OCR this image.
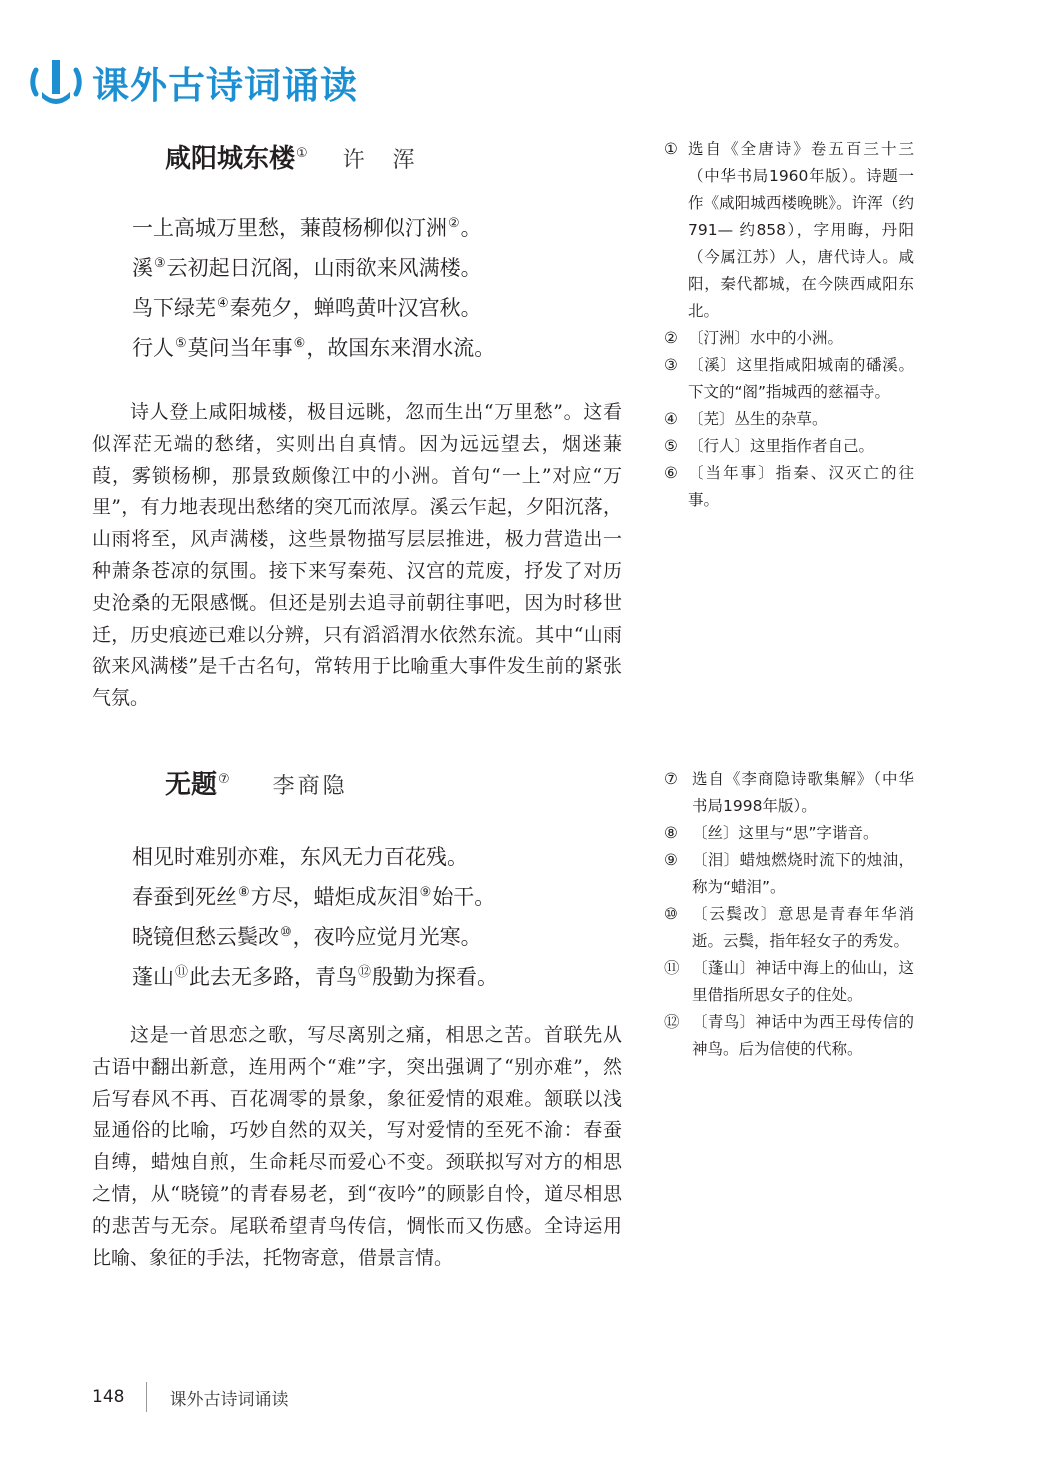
课外古诗词诵读
咸阳城东楼① 许　浑
一上高城万里愁，蒹葭杨柳似汀洲②。
溪③云初起日沉阁，山雨欲来风满楼。
鸟下绿芜④秦苑夕，蝉鸣黄叶汉宫秋。
行人⑤莫问当年事⑥，故国东来渭水流。

诗人登上咸阳城楼，极目远眺，忽而生出“万里愁”。这看似浑茫无端的愁绪，实则出自真情。因为远远望去，烟迷蒹葭，雾锁杨柳，那景致颇像江中的小洲。首句“一上”对应“万里”，有力地表现出愁绪的突兀而浓厚。溪云乍起，夕阳沉落，山雨将至，风声满楼，这些景物描写层层推进，极力营造出一种萧条苍凉的氛围。接下来写秦苑、汉宫的荒废，抒发了对历史沧桑的无限感慨。但还是别去追寻前朝往事吧，因为时移世迁，历史痕迹已难以分辨，只有滔滔渭水依然东流。其中“山雨欲来风满楼”是千古名句，常转用于比喻重大事件发生前的紧张气氛。

① 选自《全唐诗》卷五百三十三（中华书局1960年版）。诗题一作《咸阳城西楼晚眺》。许浑（约791— 约858），字用晦，丹阳（今属江苏）人，唐代诗人。咸阳，秦代都城，在今陕西咸阳东北。
② 〔汀洲〕水中的小洲。
③ 〔溪〕这里指咸阳城南的磻溪。下文的“阁”指城西的慈福寺。
④ 〔芜〕丛生的杂草。
⑤ 〔行人〕这里指作者自己。
⑥ 〔当年事〕指秦、汉灭亡的往事。
无题⑦ 李商隐
相见时难别亦难，东风无力百花残。
春蚕到死丝⑧方尽，蜡炬成灰泪⑨始干。
晓镜但愁云鬓改⑩，夜吟应觉月光寒。
蓬山⑪此去无多路，青鸟⑫殷勤为探看。

这是一首思恋之歌，写尽离别之痛，相思之苦。首联先从古语中翻出新意，连用两个“难”字，突出强调了“别亦难”，然后写春风不再、百花凋零的景象，象征爱情的艰难。颔联以浅显通俗的比喻，巧妙自然的双关，写对爱情的至死不渝：春蚕自缚，蜡烛自煎，生命耗尽而爱心不变。颈联拟写对方的相思之情，从“晓镜”的青春易老，到“夜吟”的顾影自怜，道尽相思的悲苦与无奈。尾联希望青鸟传信，惆怅而又伤感。全诗运用比喻、象征的手法，托物寄意，借景言情。

⑦ 选自《李商隐诗歌集解》（中华书局1998年版）。
⑧ 〔丝〕这里与“思”字谐音。
⑨ 〔泪〕蜡烛燃烧时流下的烛油，称为“蜡泪”。
⑩ 〔云鬓改〕意思是青春年华消逝。云鬓，指年轻女子的秀发。
⑪ 〔蓬山〕神话中海上的仙山，这里借指所思女子的住处。
⑫ 〔青鸟〕神话中为西王母传信的神鸟。后为信使的代称。
148	课外古诗词诵读
